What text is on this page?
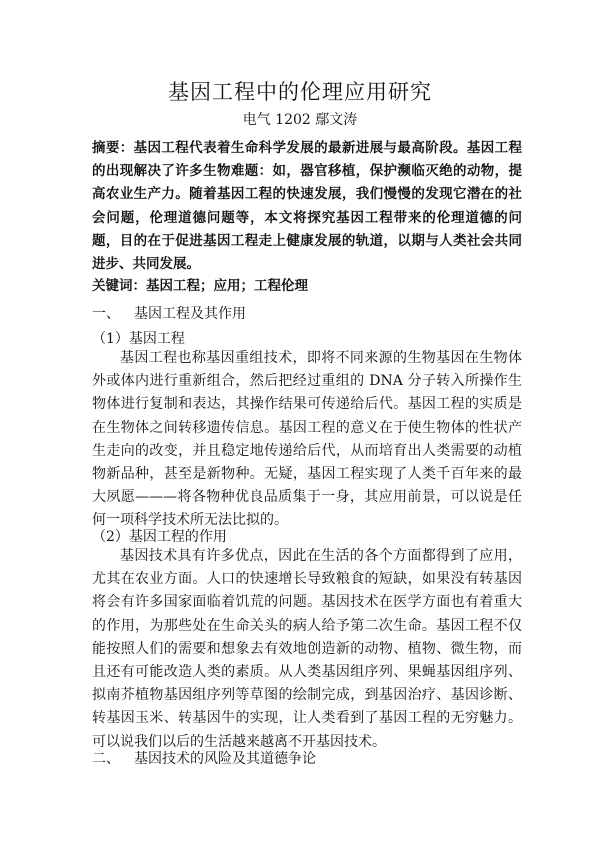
基因工程中的伦理应用研究
电气 1202 鄢文涛
摘要：基因工程代表着生命科学发展的最新进展与最高阶段。基因工程的出现解决了许多生物难题：如，器官移植，保护濒临灭绝的动物，提高农业生产力。随着基因工程的快速发展，我们慢慢的发现它潜在的社会问题，伦理道德问题等，本文将探究基因工程带来的伦理道德的问题，目的在于促进基因工程走上健康发展的轨道，以期与人类社会共同进步、共同发展。
关键词：基因工程；应用；工程伦理
一、 基因工程及其作用
（1）基因工程
基因工程也称基因重组技术，即将不同来源的生物基因在生物体外或体内进行重新组合，然后把经过重组的 DNA 分子转入所操作生物体进行复制和表达，其操作结果可传递给后代。基因工程的实质是在生物体之间转移遗传信息。基因工程的意义在于使生物体的性状产生走向的改变，并且稳定地传递给后代，从而培育出人类需要的动植物新品种，甚至是新物种。无疑，基因工程实现了人类千百年来的最大夙愿———将各物种优良品质集于一身，其应用前景，可以说是任何一项科学技术所无法比拟的。
（2）基因工程的作用
基因技术具有许多优点，因此在生活的各个方面都得到了应用，尤其在农业方面。人口的快速增长导致粮食的短缺，如果没有转基因将会有许多国家面临着饥荒的问题。基因技术在医学方面也有着重大的作用，为那些处在生命关头的病人给予第二次生命。基因工程不仅能按照人们的需要和想象去有效地创造新的动物、植物、微生物，而且还有可能改造人类的素质。从人类基因组序列、果蝇基因组序列、拟南芥植物基因组序列等草图的绘制完成，到基因治疗、基因诊断、转基因玉米、转基因牛的实现，让人类看到了基因工程的无穷魅力。可以说我们以后的生活越来越离不开基因技术。
二、 基因技术的风险及其道德争论
